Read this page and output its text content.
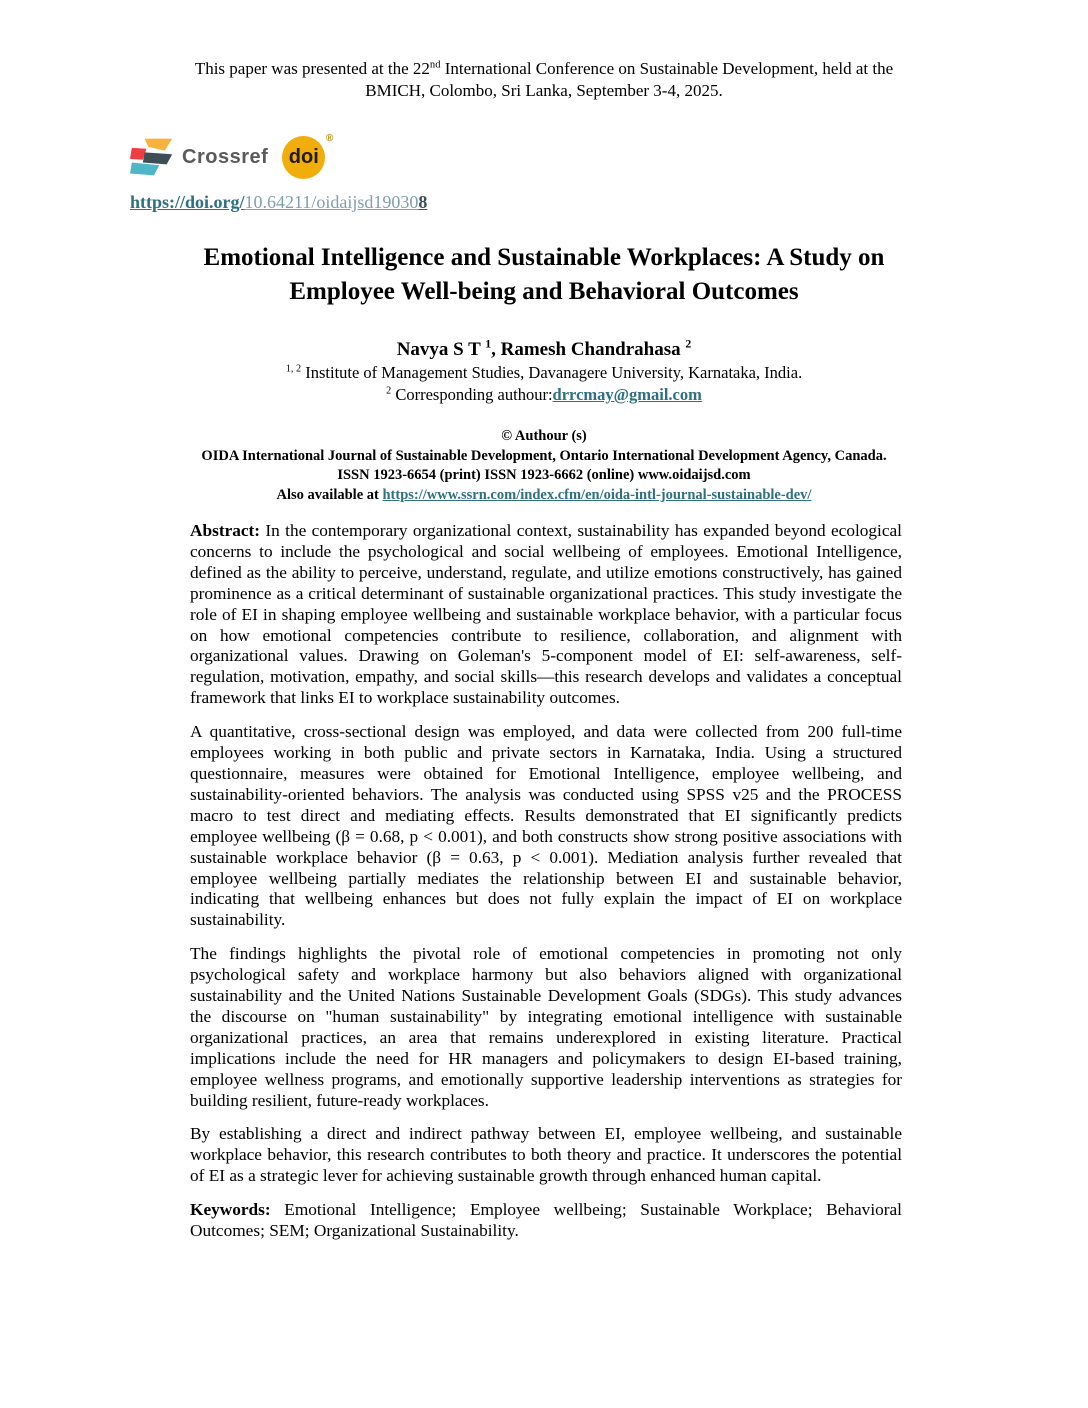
This paper was presented at the 22nd International Conference on Sustainable Development, held at the
BMICH, Colombo, Sri Lanka, September 3-4, 2025.
Crossref doi
®
https://doi.org/10.64211/oidaijsd190308
Emotional Intelligence and Sustainable Workplaces: A Study on
Employee Well-being and Behavioral Outcomes
Navya S T $^1$, Ramesh Chandrahasa $^2$
$^{1, 2}$ Institute of Management Studies, Davanagere University, Karnataka, India.
$^2$ Corresponding authour:drrcmay@gmail.com
© Authour (s)
OIDA International Journal of Sustainable Development, Ontario International Development Agency, Canada.
ISSN 1923-6654 (print) ISSN 1923-6662 (online) www.oidaijsd.com
Also available at https://www.ssrn.com/index.cfm/en/oida-intl-journal-sustainable-dev/

Abstract: In the contemporary organizational context, sustainability has expanded beyond ecological concerns to include the psychological and social wellbeing of employees. Emotional Intelligence, defined as the ability to perceive, understand, regulate, and utilize emotions constructively, has gained prominence as a critical determinant of sustainable organizational practices. This study investigate the role of EI in shaping employee wellbeing and sustainable workplace behavior, with a particular focus on how emotional competencies contribute to resilience, collaboration, and alignment with organizational values. Drawing on Goleman's 5-component model of EI: self-awareness, self-regulation, motivation, empathy, and social skills—this research develops and validates a conceptual framework that links EI to workplace sustainability outcomes.

A quantitative, cross-sectional design was employed, and data were collected from 200 full-time employees working in both public and private sectors in Karnataka, India. Using a structured questionnaire, measures were obtained for Emotional Intelligence, employee wellbeing, and sustainability-oriented behaviors. The analysis was conducted using SPSS v25 and the PROCESS macro to test direct and mediating effects. Results demonstrated that EI significantly predicts employee wellbeing (β = 0.68, p < 0.001), and both constructs show strong positive associations with sustainable workplace behavior (β = 0.63, p < 0.001). Mediation analysis further revealed that employee wellbeing partially mediates the relationship between EI and sustainable behavior, indicating that wellbeing enhances but does not fully explain the impact of EI on workplace sustainability.

The findings highlights the pivotal role of emotional competencies in promoting not only psychological safety and workplace harmony but also behaviors aligned with organizational sustainability and the United Nations Sustainable Development Goals (SDGs). This study advances the discourse on "human sustainability" by integrating emotional intelligence with sustainable organizational practices, an area that remains underexplored in existing literature. Practical implications include the need for HR managers and policymakers to design EI-based training, employee wellness programs, and emotionally supportive leadership interventions as strategies for building resilient, future-ready workplaces.

By establishing a direct and indirect pathway between EI, employee wellbeing, and sustainable workplace behavior, this research contributes to both theory and practice. It underscores the potential of EI as a strategic lever for achieving sustainable growth through enhanced human capital.

Keywords: Emotional Intelligence; Employee wellbeing; Sustainable Workplace; Behavioral Outcomes; SEM; Organizational Sustainability.
